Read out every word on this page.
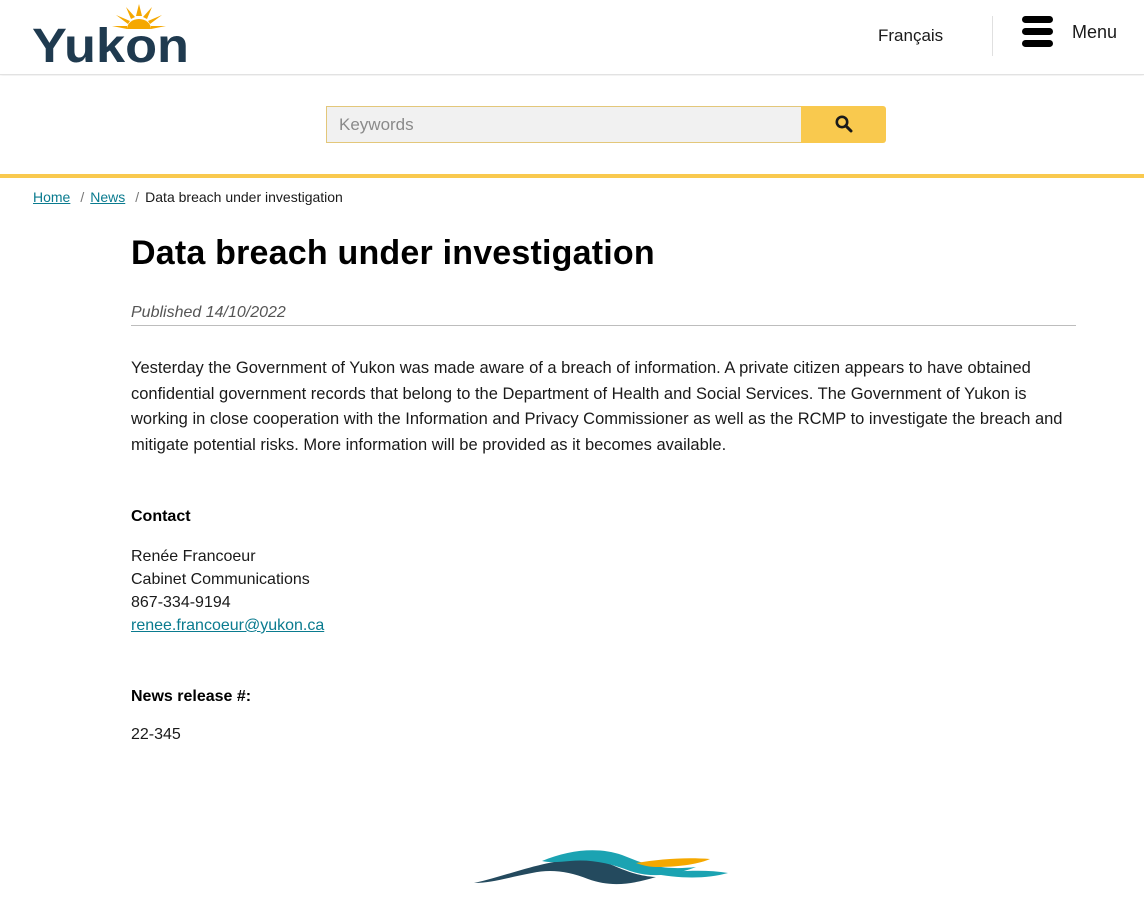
Yukon	Français	Menu
Keywords
Home / News / Data breach under investigation
Data breach under investigation
Published 14/10/2022

Yesterday the Government of Yukon was made aware of a breach of information. A private citizen appears to have obtained confidential government records that belong to the Department of Health and Social Services. The Government of Yukon is working in close cooperation with the Information and Privacy Commissioner as well as the RCMP to investigate the breach and mitigate potential risks. More information will be provided as it becomes available.

Contact
Renée Francoeur
Cabinet Communications
867-334-9194
renee.francoeur@yukon.ca
News release #:
22-345
